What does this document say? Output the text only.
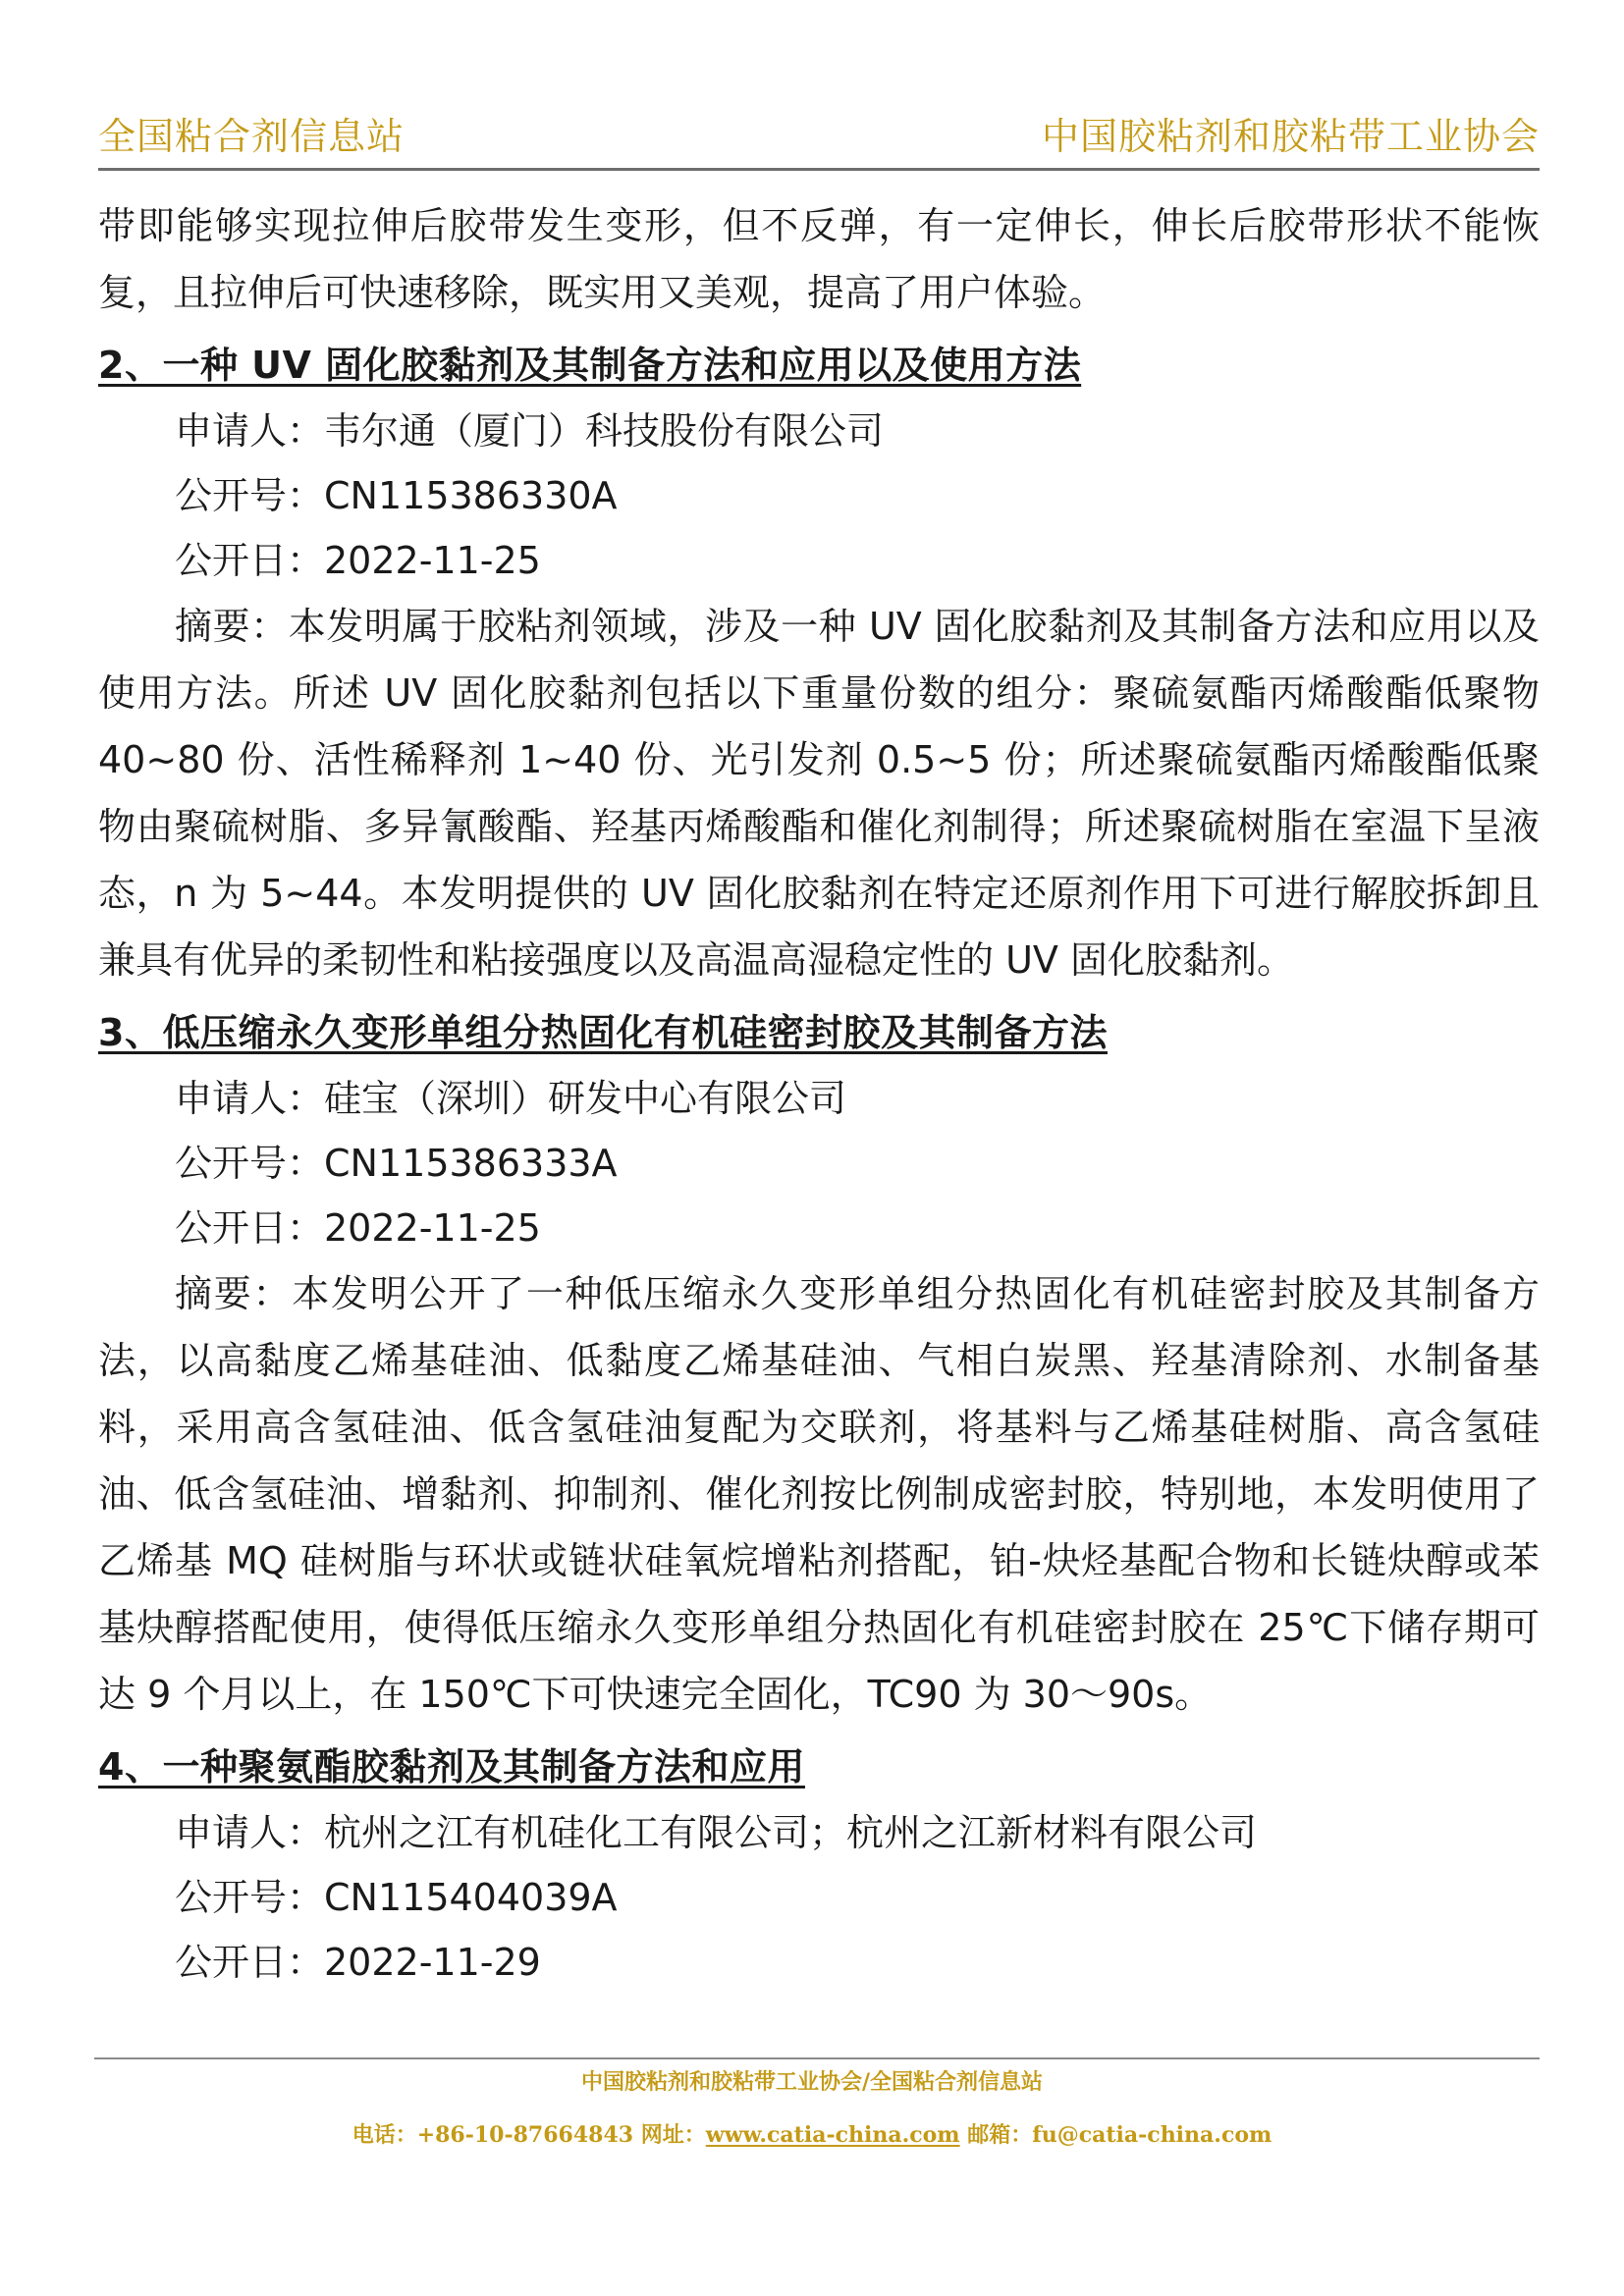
全国粘合剂信息站	中国胶粘剂和胶粘带工业协会

带即能够实现拉伸后胶带发生变形，但不反弹，有一定伸长，伸长后胶带形状不能恢复，且拉伸后可快速移除，既实用又美观，提高了用户体验。

2、一种 UV 固化胶黏剂及其制备方法和应用以及使用方法

申请人：韦尔通（厦门）科技股份有限公司

公开号：CN115386330A

公开日：2022-11-25

摘要：本发明属于胶粘剂领域，涉及一种 UV 固化胶黏剂及其制备方法和应用以及使用方法。所述 UV 固化胶黏剂包括以下重量份数的组分：聚硫氨酯丙烯酸酯低聚物 40~80 份、活性稀释剂 1~40 份、光引发剂 0.5~5 份；所述聚硫氨酯丙烯酸酯低聚物由聚硫树脂、多异氰酸酯、羟基丙烯酸酯和催化剂制得；所述聚硫树脂在室温下呈液态，n 为 5~44。本发明提供的 UV 固化胶黏剂在特定还原剂作用下可进行解胶拆卸且兼具有优异的柔韧性和粘接强度以及高温高湿稳定性的 UV 固化胶黏剂。

3、低压缩永久变形单组分热固化有机硅密封胶及其制备方法

申请人：硅宝（深圳）研发中心有限公司

公开号：CN115386333A

公开日：2022-11-25

摘要：本发明公开了一种低压缩永久变形单组分热固化有机硅密封胶及其制备方法，以高黏度乙烯基硅油、低黏度乙烯基硅油、气相白炭黑、羟基清除剂、水制备基料，采用高含氢硅油、低含氢硅油复配为交联剂，将基料与乙烯基硅树脂、高含氢硅油、低含氢硅油、增黏剂、抑制剂、催化剂按比例制成密封胶，特别地，本发明使用了乙烯基 MQ 硅树脂与环状或链状硅氧烷增粘剂搭配，铂-炔烃基配合物和长链炔醇或苯基炔醇搭配使用，使得低压缩永久变形单组分热固化有机硅密封胶在 25℃下储存期可达 9 个月以上，在 150℃下可快速完全固化，TC90 为 30～90s。

4、一种聚氨酯胶黏剂及其制备方法和应用

申请人：杭州之江有机硅化工有限公司；杭州之江新材料有限公司

公开号：CN115404039A

公开日：2022-11-29

中国胶粘剂和胶粘带工业协会/全国粘合剂信息站
电话：+86-10-87664843 网址：www.catia-china.com 邮箱：fu@catia-china.com
